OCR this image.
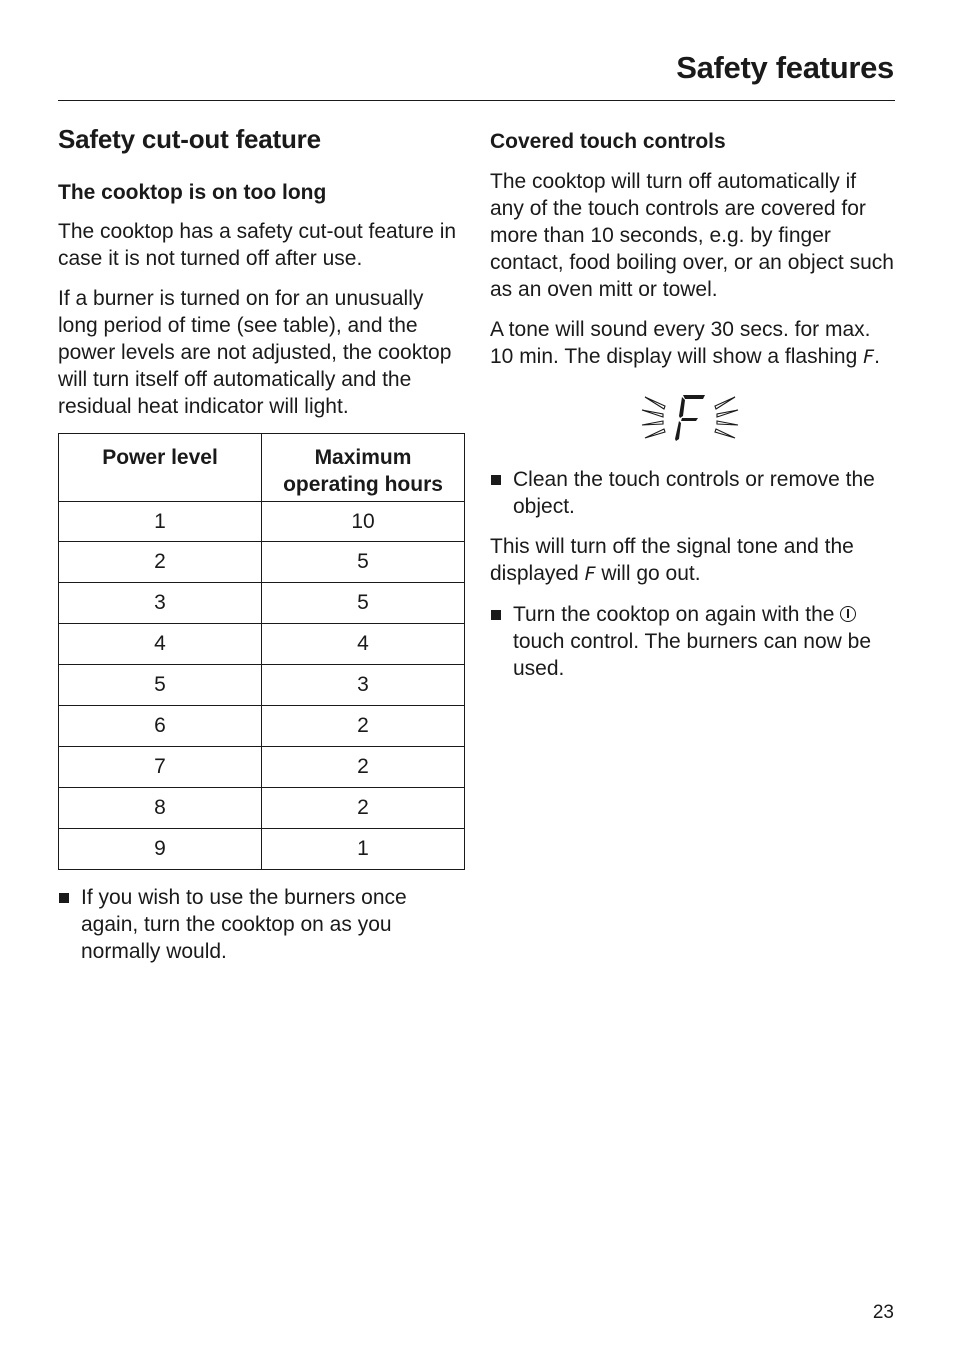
Safety features
Safety cut-out feature
The cooktop is on too long

The cooktop has a safety cut-out feature in case it is not turned off after use.

If a burner is turned on for an unusually long period of time (see table), and the power levels are not adjusted, the cooktop will turn itself off automatically and the residual heat indicator will light.

Power level	Maximum operating hours
1	10
2	5
3	5
4	4
5	3
6	2
7	2
8	2
9	1
If you wish to use the burners once again, turn the cooktop on as you normally would.
Covered touch controls

The cooktop will turn off automatically if any of the touch controls are covered for more than 10 seconds, e.g. by finger contact, food boiling over, or an object such as an oven mitt or towel.

A tone will sound every 30 secs. for max. 10 min. The display will show a flashing F.

Clean the touch controls or remove the object.

This will turn off the signal tone and the displayed F will go out.

Turn the cooktop on again with the  touch control. The burners can now be used.
23
